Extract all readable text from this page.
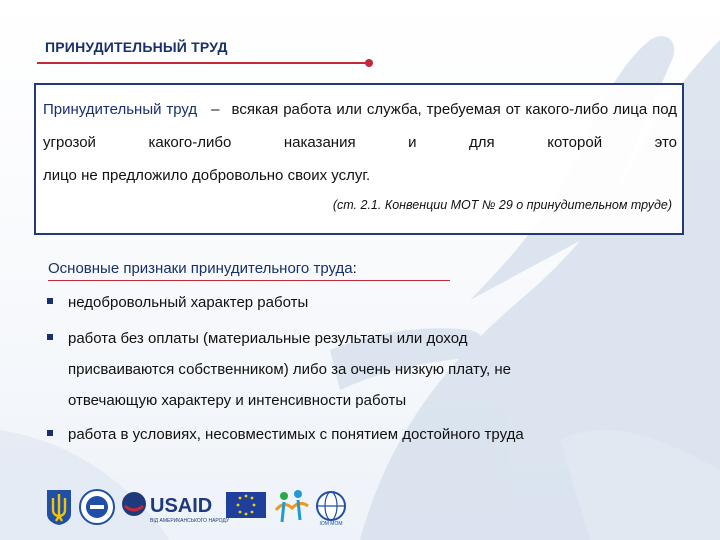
ПРИНУДИТЕЛЬНЫЙ ТРУД
Принудительный труд – всякая работа или служба, требуемая от какого-либо лица под угрозой какого-либо наказания и для которой это
лицо не предложило добровольно своих услуг.
(ст. 2.1. Конвенции МОТ № 29 о принудительном труде)
Основные признаки принудительного труда:
недобровольный характер работы
работа без оплаты (материальные результаты или доход присваиваются собственником) либо за очень низкую плату, не отвечающую характеру и интенсивности работы
работа в условиях, несовместимых с понятием достойного труда
USAID
ВІД АМЕРИКАНСЬКОГО НАРОДУ	IOM МОМ
